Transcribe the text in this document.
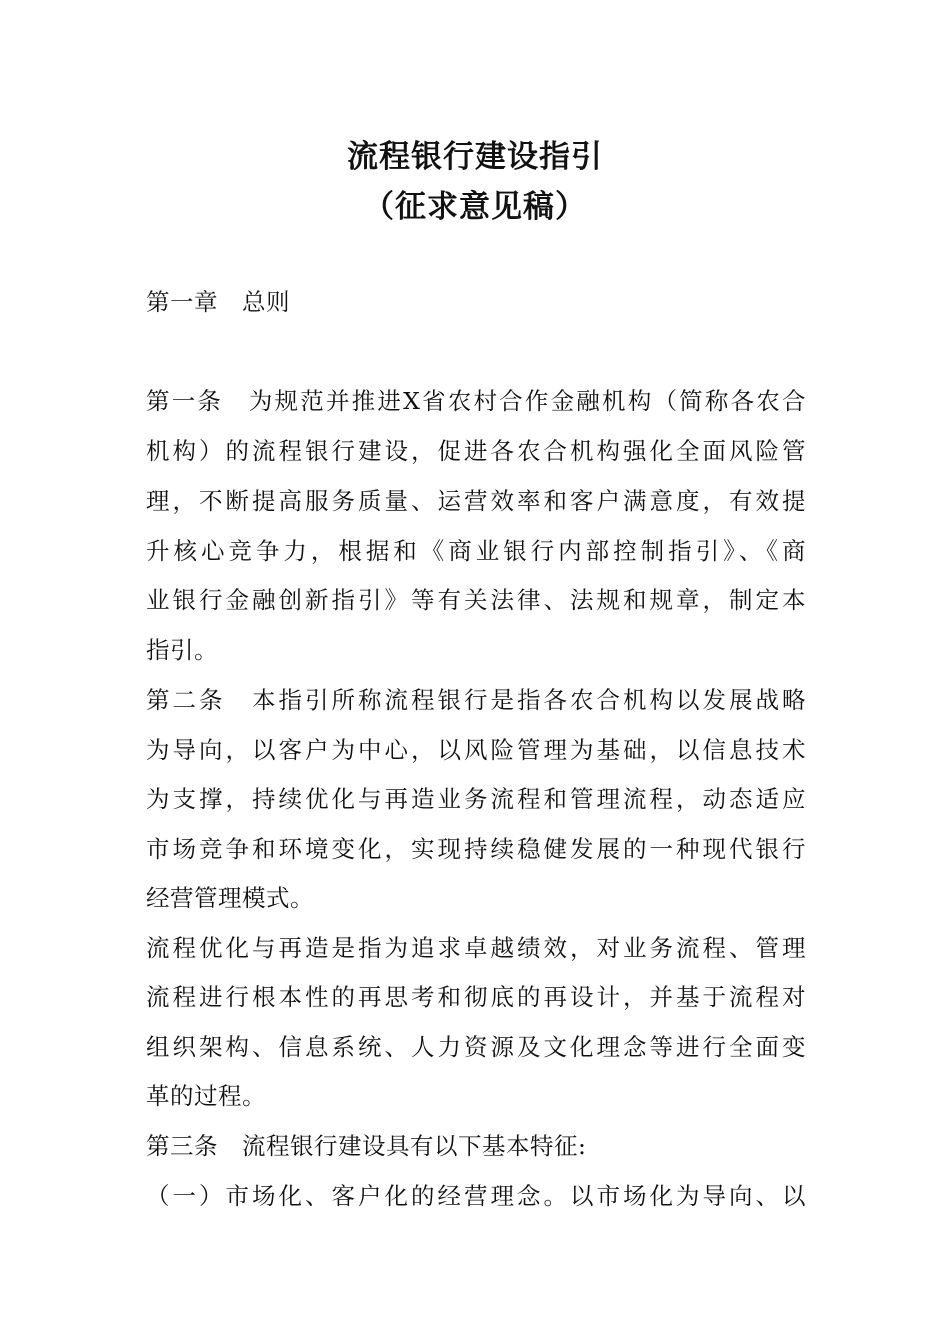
流程银行建设指引
（征求意见稿）
第一章　总则
第一条　为规范并推进X省农村合作金融机构（简称各农合
机构）的流程银行建设，促进各农合机构强化全面风险管
理，不断提高服务质量、运营效率和客户满意度，有效提
升核心竞争力，根据和《商业银行内部控制指引》、《商
业银行金融创新指引》等有关法律、法规和规章，制定本
指引。
第二条　本指引所称流程银行是指各农合机构以发展战略
为导向，以客户为中心，以风险管理为基础，以信息技术
为支撑，持续优化与再造业务流程和管理流程，动态适应
市场竞争和环境变化，实现持续稳健发展的一种现代银行
经营管理模式。
流程优化与再造是指为追求卓越绩效，对业务流程、管理
流程进行根本性的再思考和彻底的再设计，并基于流程对
组织架构、信息系统、人力资源及文化理念等进行全面变
革的过程。
第三条　流程银行建设具有以下基本特征:
（一）市场化、客户化的经营理念。以市场化为导向、以
